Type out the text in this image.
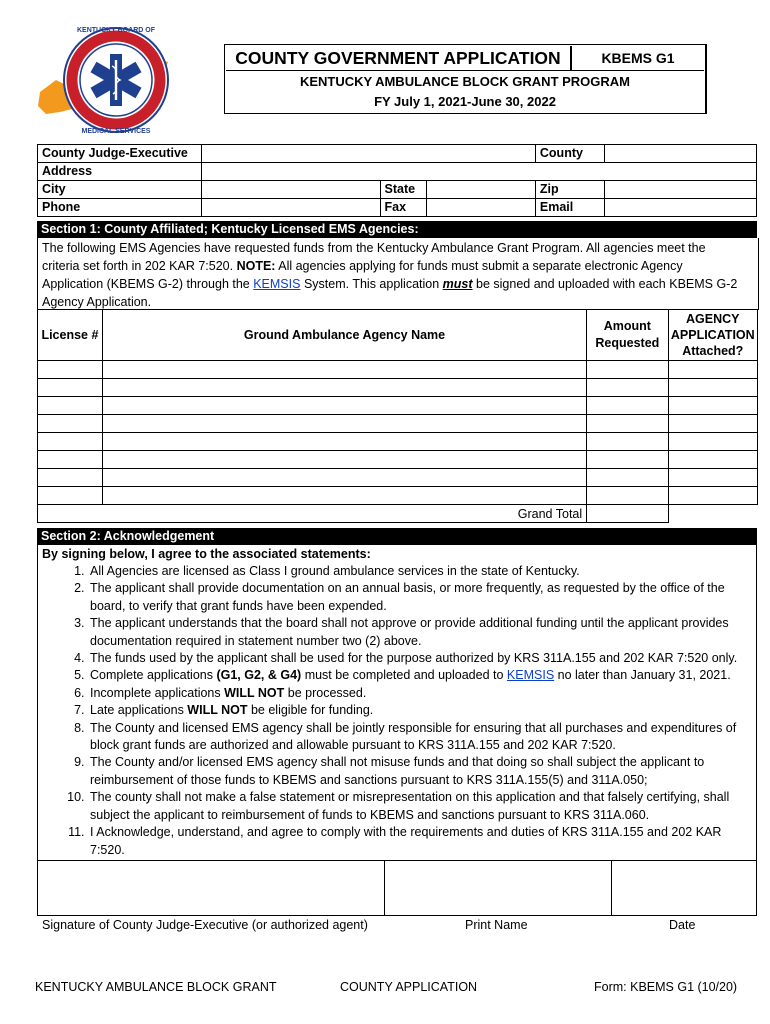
KENTUCKY BOARD OF
MEDICAL SERVICES
COUNTY GOVERNMENT APPLICATION	KBEMS G1
KENTUCKY AMBULANCE BLOCK GRANT PROGRAM
FY July 1, 2021-June 30, 2022
County Judge-Executive				County	
Address					
City		State		Zip	
Phone		Fax		Email	
Section 1: County Affiliated; Kentucky Licensed EMS Agencies:
The following EMS Agencies have requested funds from the Kentucky Ambulance Grant Program. All agencies meet the
criteria set forth in 202 KAR 7:520. NOTE: All agencies applying for funds must submit a separate electronic Agency
Application (KBEMS G-2) through the KEMSIS System. This application must be signed and uploaded with each KBEMS G-2
Agency Application.
License #	Ground Ambulance Agency Name	Amount Requested	AGENCY APPLICATION Attached?

Grand Total			
Section 2: Acknowledgement
By signing below, I agree to the associated statements:
1. All Agencies are licensed as Class I ground ambulance services in the state of Kentucky.
2. The applicant shall provide documentation on an annual basis, or more frequently, as requested by the office of the board, to verify that grant funds have been expended.
3. The applicant understands that the board shall not approve or provide additional funding until the applicant provides documentation required in statement number two (2) above.
4. The funds used by the applicant shall be used for the purpose authorized by KRS 311A.155 and 202 KAR 7:520 only.
5. Complete applications (G1, G2, & G4) must be completed and uploaded to KEMSIS no later than January 31, 2021.
6. Incomplete applications WILL NOT be processed.
7. Late applications WILL NOT be eligible for funding.
8. The County and licensed EMS agency shall be jointly responsible for ensuring that all purchases and expenditures of block grant funds are authorized and allowable pursuant to KRS 311A.155 and 202 KAR 7:520.
9. The County and/or licensed EMS agency shall not misuse funds and that doing so shall subject the applicant to reimbursement of those funds to KBEMS and sanctions pursuant to KRS 311A.155(5) and 311A.050;
10. The county shall not make a false statement or misrepresentation on this application and that falsely certifying, shall subject the applicant to reimbursement of funds to KBEMS and sanctions pursuant to KRS 311A.060.
11. I Acknowledge, understand, and agree to comply with the requirements and duties of KRS 311A.155 and 202 KAR 7:520.
Signature of County Judge-Executive (or authorized agent)	Print Name	Date
KENTUCKY AMBULANCE BLOCK GRANT	COUNTY APPLICATION	Form: KBEMS G1 (10/20)
